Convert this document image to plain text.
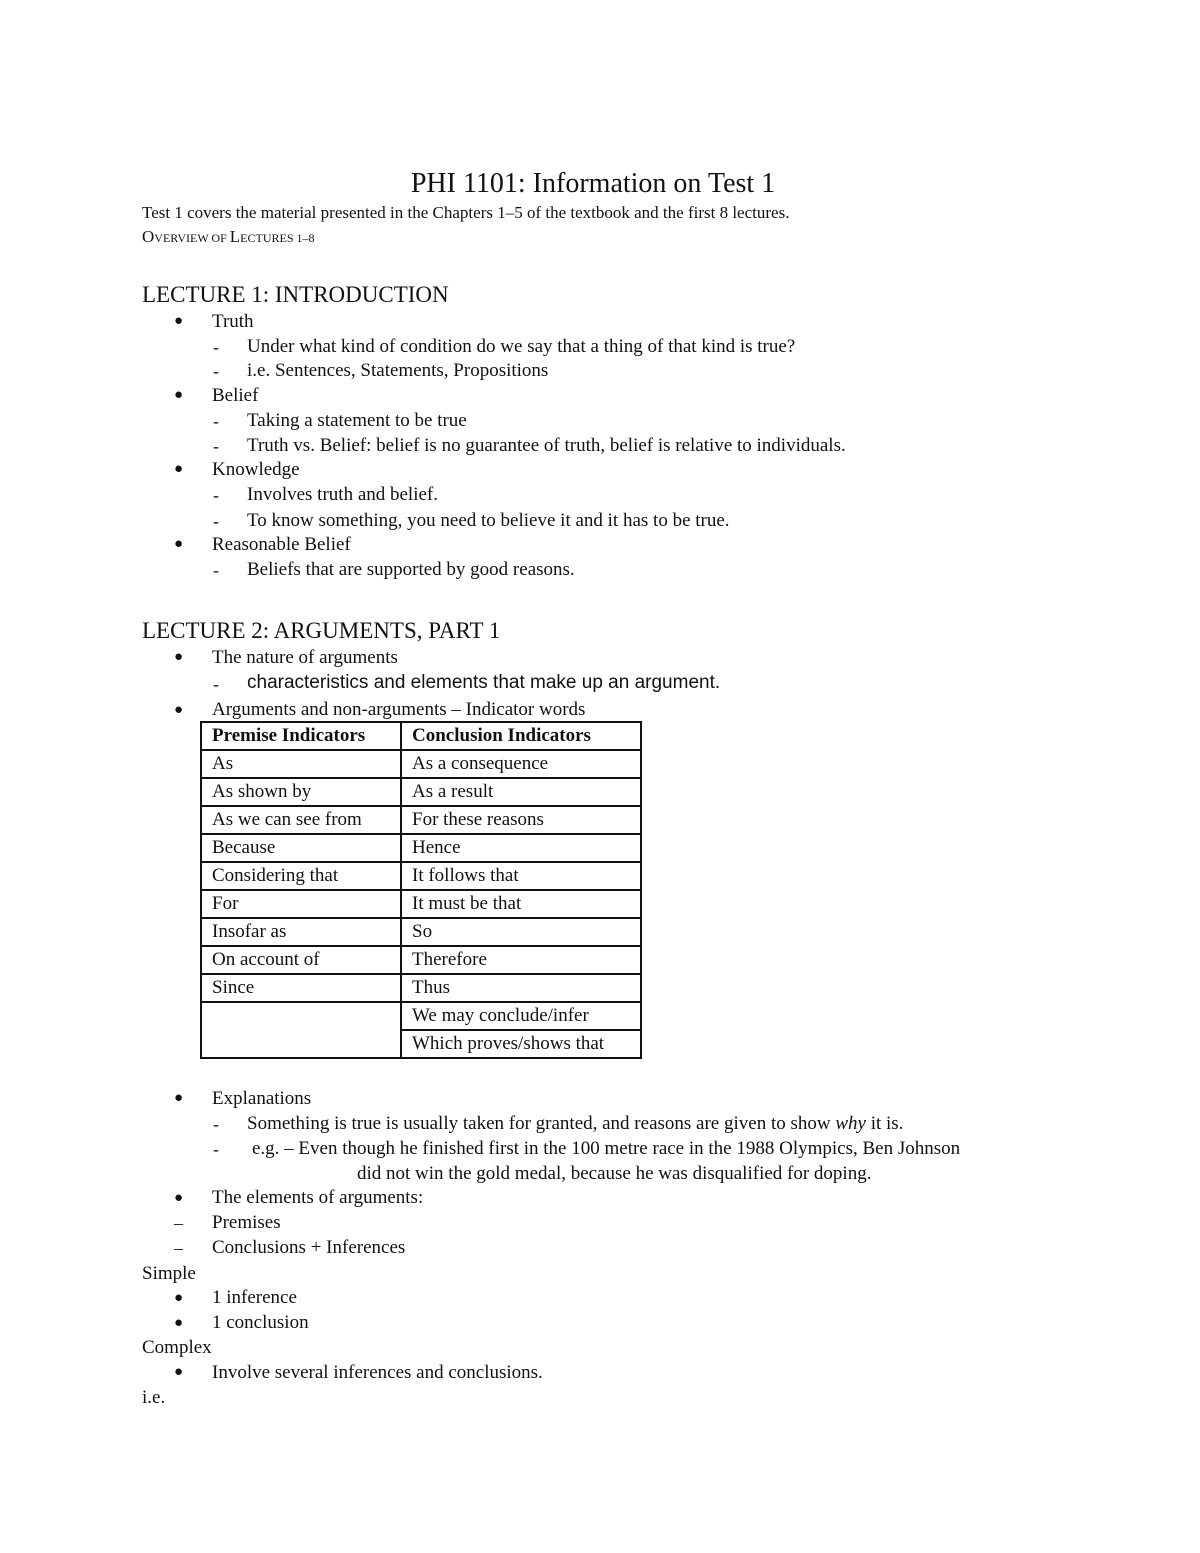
PHI 1101: Information on Test 1
Test 1 covers the material presented in the Chapters 1–5 of the textbook and the first 8 lectures.
OVERVIEW OF LECTURES 1–8
LECTURE 1: INTRODUCTION
● Truth
- Under what kind of condition do we say that a thing of that kind is true?
- i.e. Sentences, Statements, Propositions
● Belief
- Taking a statement to be true
- Truth vs. Belief: belief is no guarantee of truth, belief is relative to individuals.
● Knowledge
- Involves truth and belief.
- To know something, you need to believe it and it has to be true.
● Reasonable Belief
- Beliefs that are supported by good reasons.
LECTURE 2: ARGUMENTS, PART 1
● The nature of arguments
- characteristics and elements that make up an argument.
● Arguments and non-arguments – Indicator words
Premise Indicators	Conclusion Indicators
As	As a consequence
As shown by	As a result
As we can see from	For these reasons
Because	Hence
Considering that	It follows that
For	It must be that
Insofar as	So
On account of	Therefore
Since	Thus
	We may conclude/infer
	Which proves/shows that
● Explanations
- Something is true is usually taken for granted, and reasons are given to show why it is.
- e.g. – Even though he finished first in the 100 metre race in the 1988 Olympics, Ben Johnson
did not win the gold medal, because he was disqualified for doping.
● The elements of arguments:
– Premises
– Conclusions + Inferences
Simple
● 1 inference
● 1 conclusion
Complex
● Involve several inferences and conclusions.
i.e.
